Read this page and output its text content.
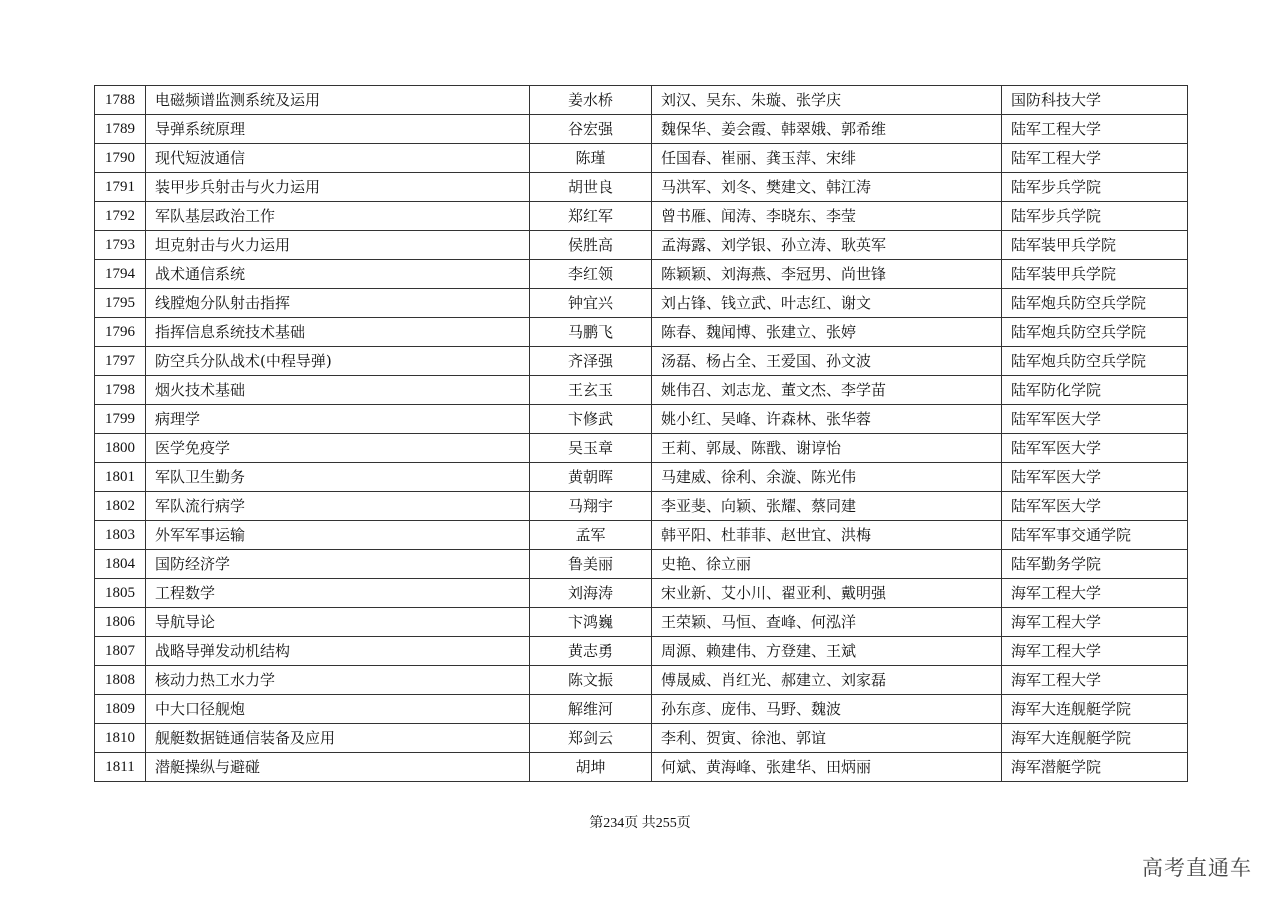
1788	电磁频谱监测系统及运用	姜水桥	刘汉、吴东、朱璇、张学庆	国防科技大学
1789	导弹系统原理	谷宏强	魏保华、姜会霞、韩翠娥、郭希维	陆军工程大学
1790	现代短波通信	陈瑾	任国春、崔丽、龚玉萍、宋绯	陆军工程大学
1791	装甲步兵射击与火力运用	胡世良	马洪军、刘冬、樊建文、韩江涛	陆军步兵学院
1792	军队基层政治工作	郑红军	曾书雁、闻涛、李晓东、李莹	陆军步兵学院
1793	坦克射击与火力运用	侯胜高	孟海露、刘学银、孙立涛、耿英军	陆军装甲兵学院
1794	战术通信系统	李红领	陈颖颖、刘海燕、李冠男、尚世锋	陆军装甲兵学院
1795	线膛炮分队射击指挥	钟宜兴	刘占锋、钱立武、叶志红、谢文	陆军炮兵防空兵学院
1796	指挥信息系统技术基础	马鹏飞	陈春、魏闻博、张建立、张婷	陆军炮兵防空兵学院
1797	防空兵分队战术(中程导弹)	齐泽强	汤磊、杨占全、王爱国、孙文波	陆军炮兵防空兵学院
1798	烟火技术基础	王玄玉	姚伟召、刘志龙、董文杰、李学苗	陆军防化学院
1799	病理学	卞修武	姚小红、吴峰、许森林、张华蓉	陆军军医大学
1800	医学免疫学	吴玉章	王莉、郭晟、陈戬、谢谆怡	陆军军医大学
1801	军队卫生勤务	黄朝晖	马建威、徐利、余漩、陈光伟	陆军军医大学
1802	军队流行病学	马翔宇	李亚斐、向颖、张耀、蔡同建	陆军军医大学
1803	外军军事运输	孟军	韩平阳、杜菲菲、赵世宜、洪梅	陆军军事交通学院
1804	国防经济学	鲁美丽	史艳、徐立丽	陆军勤务学院
1805	工程数学	刘海涛	宋业新、艾小川、翟亚利、戴明强	海军工程大学
1806	导航导论	卞鸿巍	王荣颖、马恒、查峰、何泓洋	海军工程大学
1807	战略导弹发动机结构	黄志勇	周源、赖建伟、方登建、王斌	海军工程大学
1808	核动力热工水力学	陈文振	傅晟威、肖红光、郝建立、刘家磊	海军工程大学
1809	中大口径舰炮	解维河	孙东彦、庞伟、马野、魏波	海军大连舰艇学院
1810	舰艇数据链通信装备及应用	郑剑云	李利、贺寅、徐池、郭谊	海军大连舰艇学院
1811	潜艇操纵与避碰	胡坤	何斌、黄海峰、张建华、田炳丽	海军潜艇学院
第234页 共255页
高考直通车
